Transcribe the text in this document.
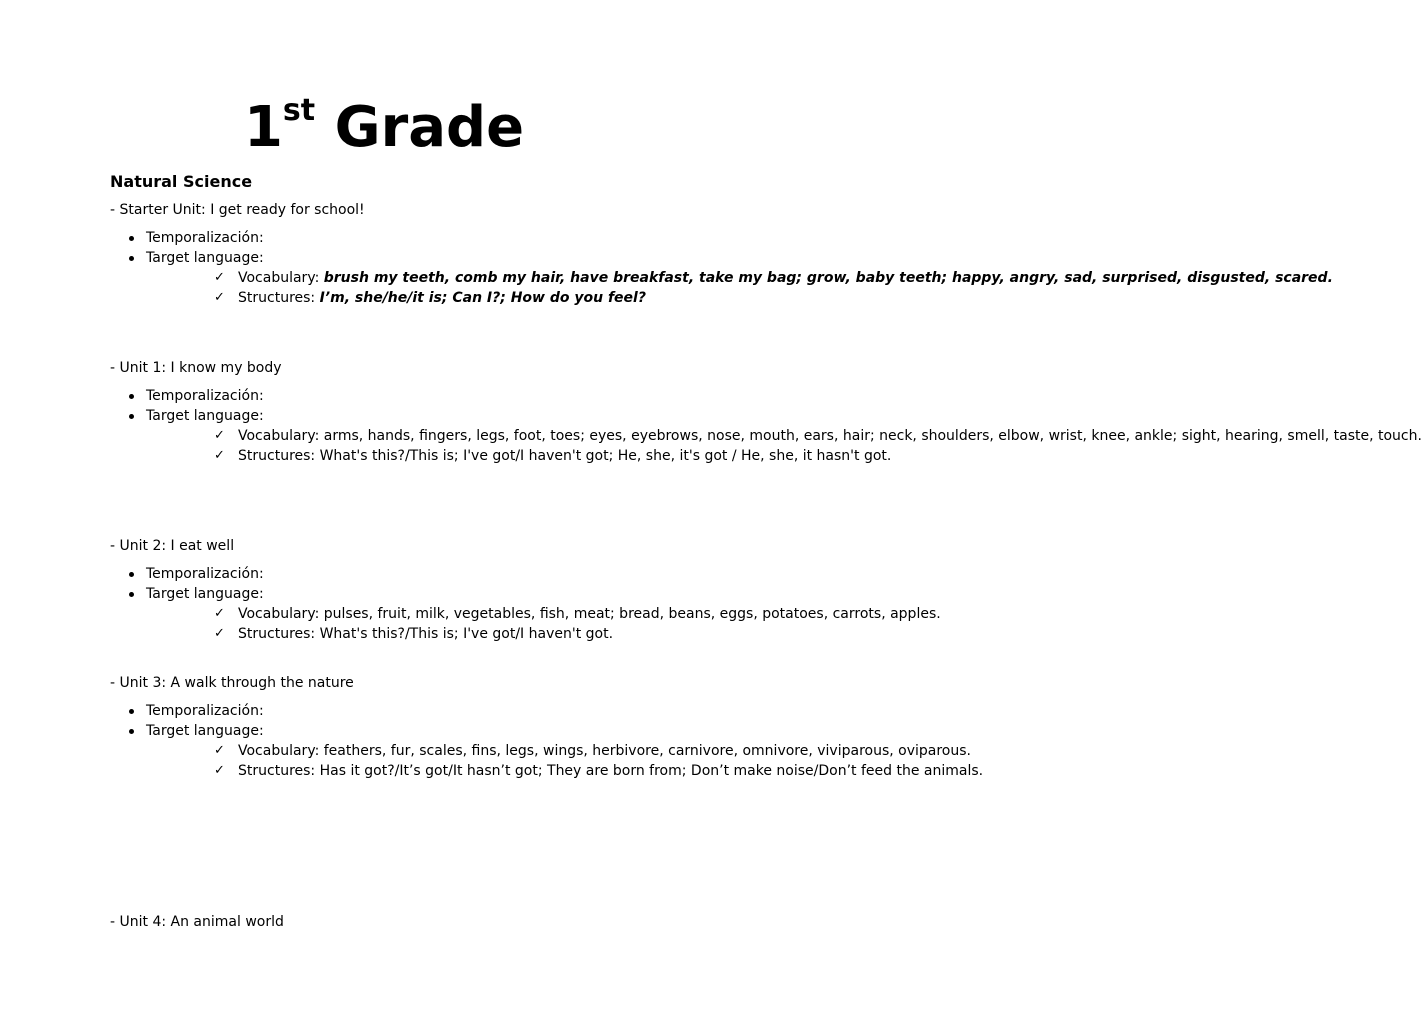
1st Grade
Natural Science

- Starter Unit: I get ready for school!

Temporalización:
Target language:
✓ Vocabulary: brush my teeth, comb my hair, have breakfast, take my bag; grow, baby teeth; happy, angry, sad, surprised, disgusted, scared.
✓ Structures: I’m, she/he/it is; Can I?; How do you feel?

- Unit 1: I know my body

Temporalización:
Target language:
✓ Vocabulary: arms, hands, fingers, legs, foot, toes; eyes, eyebrows, nose, mouth, ears, hair; neck, shoulders, elbow, wrist, knee, ankle; sight, hearing, smell, taste, touch.
✓ Structures: What's this?/This is; I've got/I haven't got; He, she, it's got / He, she, it hasn't got.

- Unit 2: I eat well

Temporalización:
Target language:
✓ Vocabulary: pulses, fruit, milk, vegetables, fish, meat; bread, beans, eggs, potatoes, carrots, apples.
✓ Structures: What's this?/This is; I've got/I haven't got.

- Unit 3: A walk through the nature

Temporalización:
Target language:
✓ Vocabulary: feathers, fur, scales, fins, legs, wings, herbivore, carnivore, omnivore, viviparous, oviparous.
✓ Structures: Has it got?/It’s got/It hasn’t got; They are born from; Don’t make noise/Don’t feed the animals.

- Unit 4: An animal world
